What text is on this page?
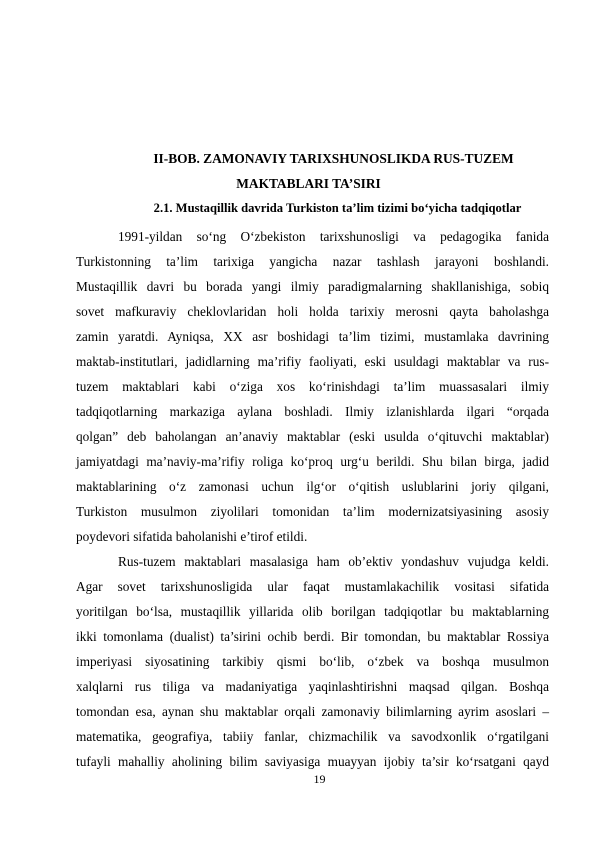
II-BOB. ZAMONAVIY TARIXSHUNOSLIKDA RUS-TUZEM
MAKTABLARI TA’SIRI
2.1. Mustaqillik davrida Turkiston ta’lim tizimi bo‘yicha tadqiqotlar
1991-yildan so‘ng O‘zbekiston tarixshunosligi va pedagogika fanida
Turkistonning ta’lim tarixiga yangicha nazar tashlash jarayoni boshlandi.
Mustaqillik davri bu borada yangi ilmiy paradigmalarning shakllanishiga, sobiq
sovet mafkuraviy cheklovlaridan holi holda tarixiy merosni qayta baholashga
zamin yaratdi. Ayniqsa, XX asr boshidagi ta’lim tizimi, mustamlaka davrining
maktab-institutlari, jadidlarning ma’rifiy faoliyati, eski usuldagi maktablar va rus-
tuzem maktablari kabi o‘ziga xos ko‘rinishdagi ta’lim muassasalari ilmiy
tadqiqotlarning markaziga aylana boshladi. Ilmiy izlanishlarda ilgari “orqada
qolgan” deb baholangan an’anaviy maktablar (eski usulda o‘qituvchi maktablar)
jamiyatdagi ma’naviy-ma’rifiy roliga ko‘proq urg‘u berildi. Shu bilan birga, jadid
maktablarining o‘z zamonasi uchun ilg‘or o‘qitish uslublarini joriy qilgani,
Turkiston musulmon ziyolilari tomonidan ta’lim modernizatsiyasining asosiy
poydevori sifatida baholanishi e’tirof etildi.
Rus-tuzem maktablari masalasiga ham ob’ektiv yondashuv vujudga keldi.
Agar sovet tarixshunosligida ular faqat mustamlakachilik vositasi sifatida
yoritilgan bo‘lsa, mustaqillik yillarida olib borilgan tadqiqotlar bu maktablarning
ikki tomonlama (dualist) ta’sirini ochib berdi. Bir tomondan, bu maktablar Rossiya
imperiyasi siyosatining tarkibiy qismi bo‘lib, o‘zbek va boshqa musulmon
xalqlarni rus tiliga va madaniyatiga yaqinlashtirishni maqsad qilgan. Boshqa
tomondan esa, aynan shu maktablar orqali zamonaviy bilimlarning ayrim asoslari –
matematika, geografiya, tabiiy fanlar, chizmachilik va savodxonlik o‘rgatilgani
tufayli mahalliy aholining bilim saviyasiga muayyan ijobiy ta’sir ko‘rsatgani qayd
19
